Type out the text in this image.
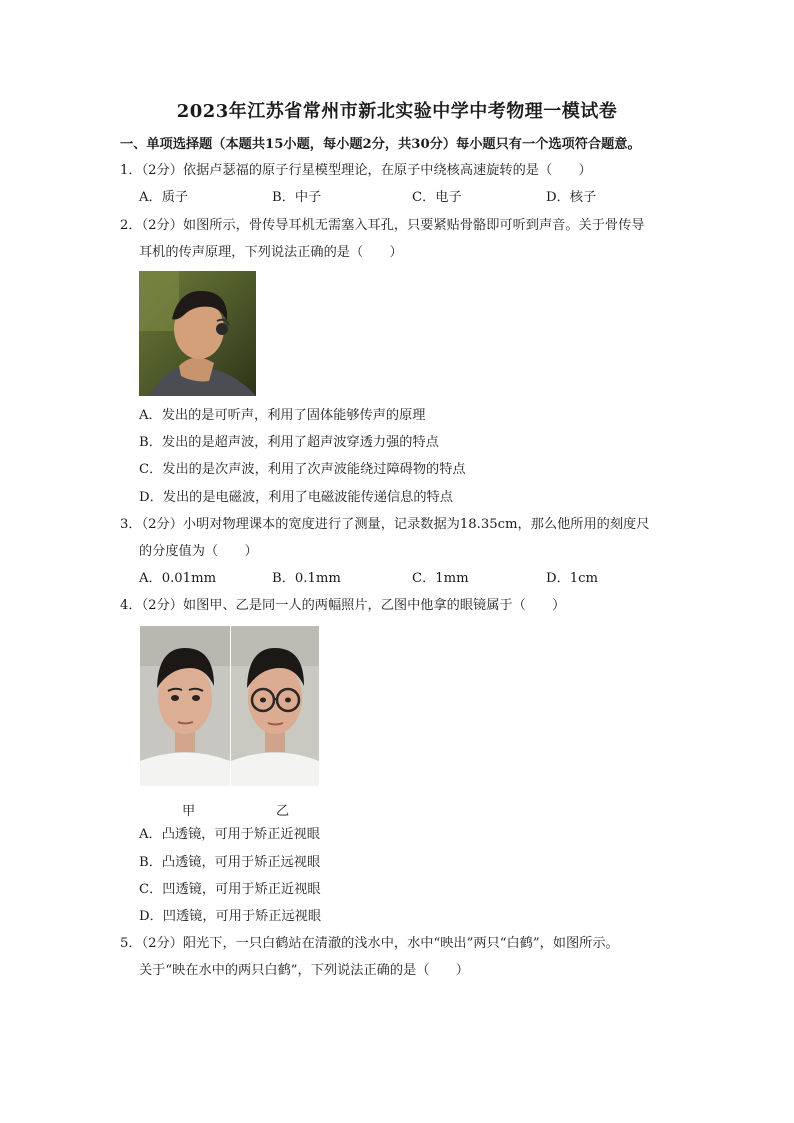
2023年江苏省常州市新北实验中学中考物理一模试卷
一、单项选择题（本题共15小题，每小题2分，共30分）每小题只有一个选项符合题意。
1．（2分）依据卢瑟福的原子行星模型理论，在原子中绕核高速旋转的是（　　）
A．质子	B．中子	C．电子	D．核子
2．（2分）如图所示，骨传导耳机无需塞入耳孔，只要紧贴骨骼即可听到声音。关于骨传导
耳机的传声原理，下列说法正确的是（　　）
A．发出的是可听声，利用了固体能够传声的原理
B．发出的是超声波，利用了超声波穿透力强的特点
C．发出的是次声波，利用了次声波能绕过障碍物的特点
D．发出的是电磁波，利用了电磁波能传递信息的特点
3．（2分）小明对物理课本的宽度进行了测量，记录数据为18.35cm，那么他所用的刻度尺
的分度值为（　　）
A．0.01mm	B．0.1mm	C．1mm	D．1cm
4．（2分）如图甲、乙是同一人的两幅照片，乙图中他拿的眼镜属于（　　）
甲	乙
A．凸透镜，可用于矫正近视眼
B．凸透镜，可用于矫正远视眼
C．凹透镜，可用于矫正近视眼
D．凹透镜，可用于矫正远视眼
5．（2分）阳光下，一只白鹤站在清澈的浅水中，水中“映出”两只“白鹤”，如图所示。
关于“映在水中的两只白鹤”，下列说法正确的是（　　）
